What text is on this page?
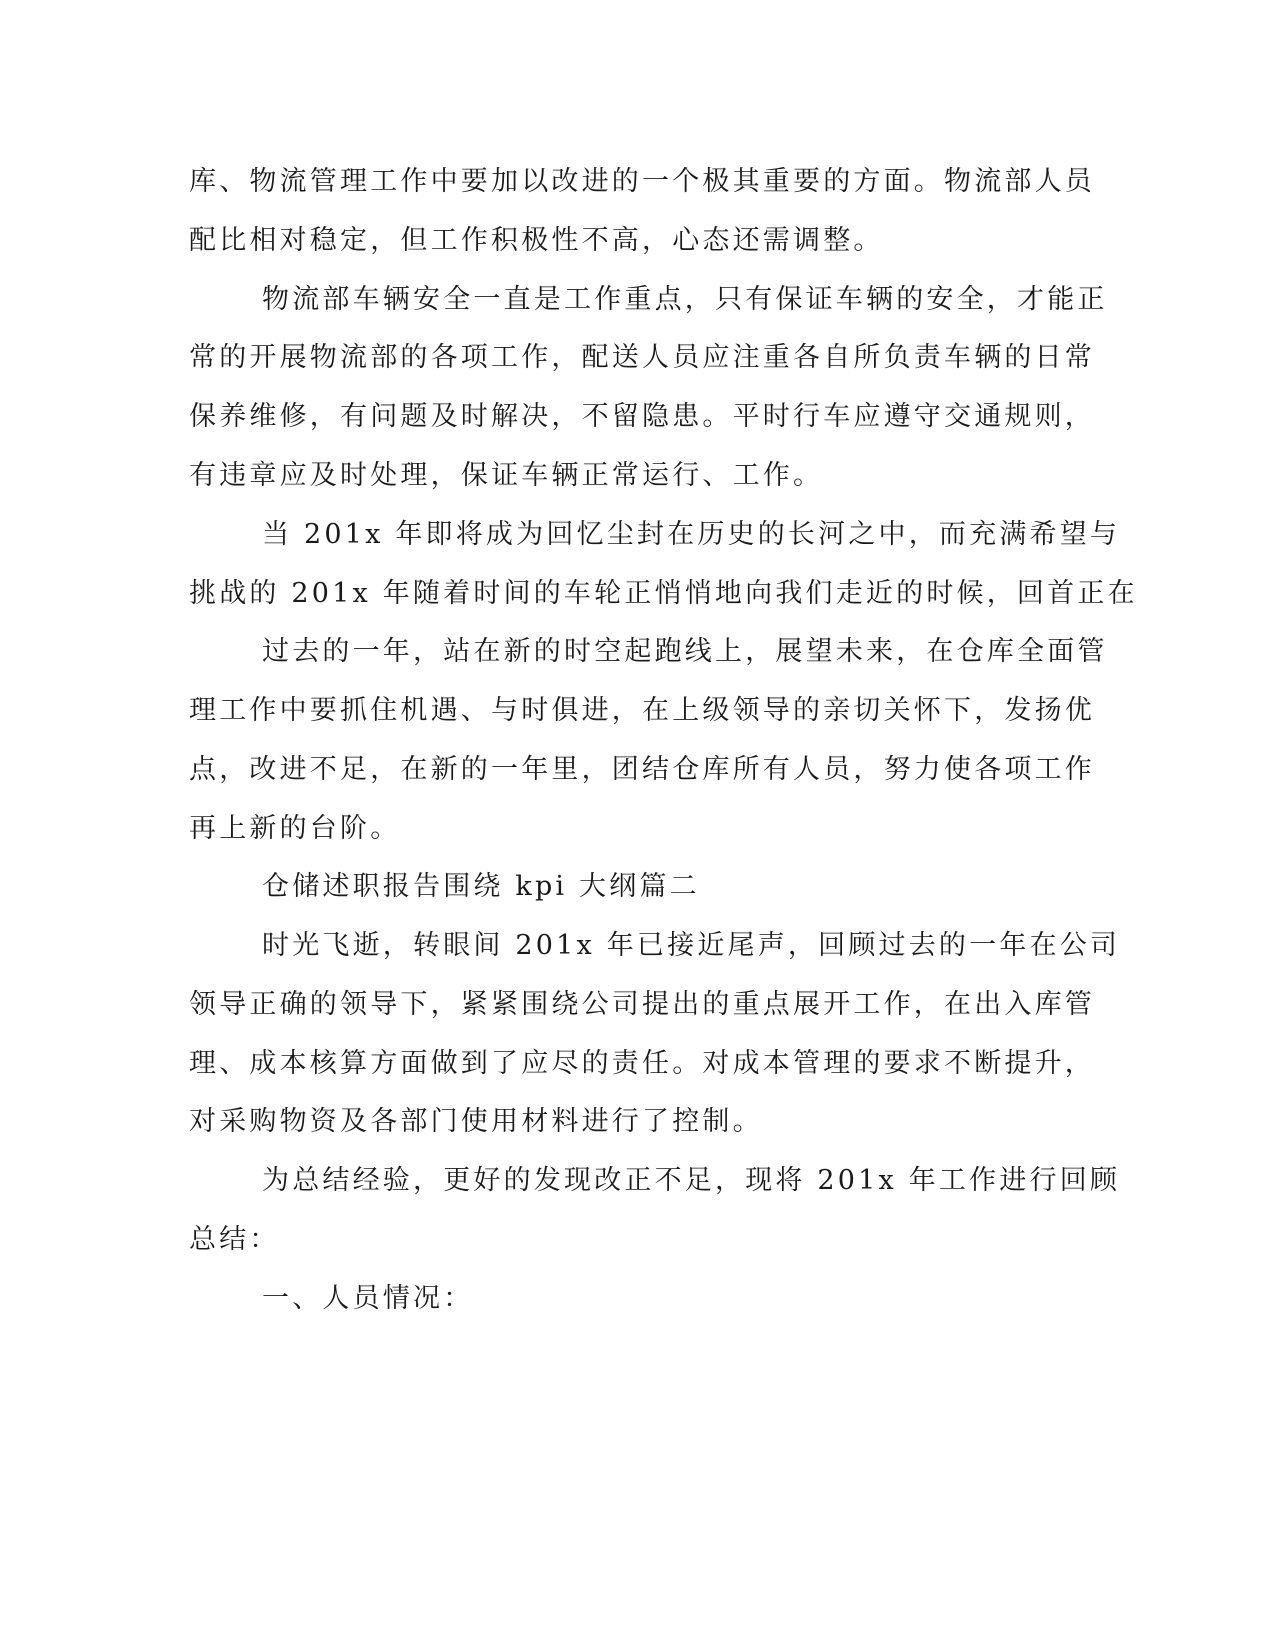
库、物流管理工作中要加以改进的一个极其重要的方面。物流部人员
配比相对稳定，但工作积极性不高，心态还需调整。
物流部车辆安全一直是工作重点，只有保证车辆的安全，才能正
常的开展物流部的各项工作，配送人员应注重各自所负责车辆的日常
保养维修，有问题及时解决，不留隐患。平时行车应遵守交通规则，
有违章应及时处理，保证车辆正常运行、工作。
当 201x 年即将成为回忆尘封在历史的长河之中，而充满希望与
挑战的 201x 年随着时间的车轮正悄悄地向我们走近的时候，回首正在
过去的一年，站在新的时空起跑线上，展望未来，在仓库全面管
理工作中要抓住机遇、与时俱进，在上级领导的亲切关怀下，发扬优
点，改进不足，在新的一年里，团结仓库所有人员，努力使各项工作
再上新的台阶。
仓储述职报告围绕 kpi 大纲篇二
时光飞逝，转眼间 201x 年已接近尾声，回顾过去的一年在公司
领导正确的领导下，紧紧围绕公司提出的重点展开工作，在出入库管
理、成本核算方面做到了应尽的责任。对成本管理的要求不断提升，
对采购物资及各部门使用材料进行了控制。
为总结经验，更好的发现改正不足，现将 201x 年工作进行回顾
总结：
一、人员情况：
